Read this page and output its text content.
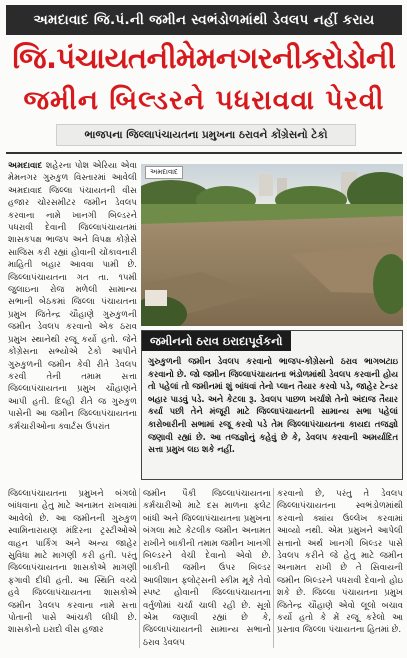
અમદાવાદ જિ.પં.ની જમીન સ્વભંડોળમાંથી ડેવલપ નહીં કરાય
જિ.પંચાયતનીમેમનગરનીકરોડોની
જમીન બિલ્ડરને પધરાવવા પેરવી
ભાજપના જિલ્લાપંચાયતના પ્રમુખના ઠરાવને કોંગ્રેસનો ટેકો
અમદાવાદ શહેરના પોશ એરિયા એવા મેમનગર ગુરુકુળ વિસ્તારમાં આવેલી અમદાવાદ જિલ્લા પંચાયતની વીસ હજાર ચોરસમીટર જમીન ડેવલપ કરવાના નામે ખાનગી બિલ્ડરને પધરાવી દેવાની જિલ્લાપંચાયતમાં શાસકપક્ષ ભાજપ અને વિપક્ષ કોંગ્રેસે સાજિસ કરી રહ્યાં હોવાની ચોંકાવનારી માહિતી બહાર આવવા પામી છે. જિલ્લાપંચાયતના ગત તા. ૧૫મી જુલાઇના રોજ મળેલી સામાન્ય સભાની બેઠકમાં જિલ્લા પંચાયતના પ્રમુખ જિતેન્દ્ર ચૌહાણે ગુરુકુળની જમીન ડેવલપ કરવાનો એક ઠરાવ પ્રમુખ સ્થાનેથી રજૂ કર્યો હતો. જેને કોંગ્રેસના સભ્યોએ ટેકો આપીને ગુરુકુળની જમીન કેવી રીતે ડેવલપ કરવી તેની તમામ સત્તા જિલ્લાપંચાયતના પ્રમુખ ચૌહાણને આપી હતી. દિલ્હી રીતે જ ગુરુકુળ પાસેની આ જમીન જિલ્લાપંચાયતના કર્મચારીઓના ક્વાર્ટસ ઉપરાંત
અમદાવાદ
જમીનનો ઠરાવ ઇરાદાપૂર્વકનો
ગુરુકુળની જમીન ડેવલપ કરવાનો ભાજપ-કોંગ્રેસનો ઠરાવ ભાગબટાઇ કરવાનો છે. જો જમીન જિલ્લાપંચાયતના ભંડોળમાંથી ડેવલપ કરવાની હોય તો પહેલાં તો જમીનમાં શું બાંધવાં તેનો પ્લાન તૈયાર કરવો પડે, જાહેર ટેન્ડર બહાર પાડવું પડે. અને કેટલા રૂ. ડેવલપ પાછળ ખર્ચાશે તેનો અંદાજ તૈયાર કર્યા પછી તેને મંજૂરી માટે જિલ્લાપંચાયતની સામાન્ય સભા પહેલાં કારોબારીની સભામાં રજૂ કરવો પડે તેમ જિલ્લાપંચાયતના કાયદા તજજ્ઞો જણાવી રહ્યાં છે. આ તજજ્ઞોનું કહેવું છે કે, ડેવલપ કરવાની અમર્યાદિત સત્તા પ્રમુખ લઇ શકે નહીં.
જિલ્લાપંચાયતના પ્રમુખને બંગલો બાંધવાના હેતુ માટે અનામત રાખવામાં આવેલો છે. આ જમીનની ગુરુકુળ સ્વામિનારાયણ મંદિરના ટ્રસ્ટીઓએ વાહન પાર્કિંગ અને અન્ય જાહેર સુવિધા માટે માગણી કરી હતી. પરંતુ જિલ્લાપંચાયતના શાસકોએ માગણી ફગાવી દીધી હતી. આ સ્થિતિ વચ્ચે હવે જિલ્લાપંચાયતના શાસકોએ જમીન ડેવલપ કરવાના નામે સત્તા પોતાની પાસે આંચકી લીધી છે. શાસકોનો ઇરાદો વીસ હજાર
જમીન પૈકી જિલ્લાપંચાયતના કર્મચારીઓ માટે દસ માળના ફ્લેટ બાંધી અને જિલ્લાપંચાયતના પ્રમુખના બંગલા માટે કેટલીક જમીન અનામત રાખીને બાકીની તમામ જમીન ખાનગી બિલ્ડરને વેચી દેવાનો એવો છે. બાકીની જમીન ઉપર બિલ્ડર આલીશાન ફ્લોટ્સની સ્કીમ મૂકે તેવો સ્પષ્ટ હોવાની જિલ્લાપંચાયતના વર્તુળોમાં ચર્ચા ચાલી રહી છે. સૂત્રો એમ જણાવી રહ્યાં છે કે, જિલ્લાપંચાયતની સામાન્ય સભાનો ઠરાવ ડેવલપ
કરવાનો છે, પરંતુ તે ડેવલપ જિલ્લાપંચાયતના સ્વભંડોળમાંથી કરવાનો ક્યાંય ઉલ્લેખ કરવામાં આવ્યો નથી. એમ પ્રમુખને આપેલી સત્તાનો અર્થ ખાનગી બિલ્ડર પાસે ડેવલપ કરીને જે હેતુ માટે જમીન અનામત રાખી છે તે સિવાયની જમીન બિલ્ડરને પધરાવી દેવાનો હોઇ શકે છે. જિલ્લા પંચાયતના પ્રમુખ જિતેન્દ્ર ચૌહાણે એવો લૂલો બચાવ કર્યો હતો કે મેં રજૂ કરેલો આ પ્રસ્તાવ જિલ્લા પંચાયતના હિતમાં છે.
